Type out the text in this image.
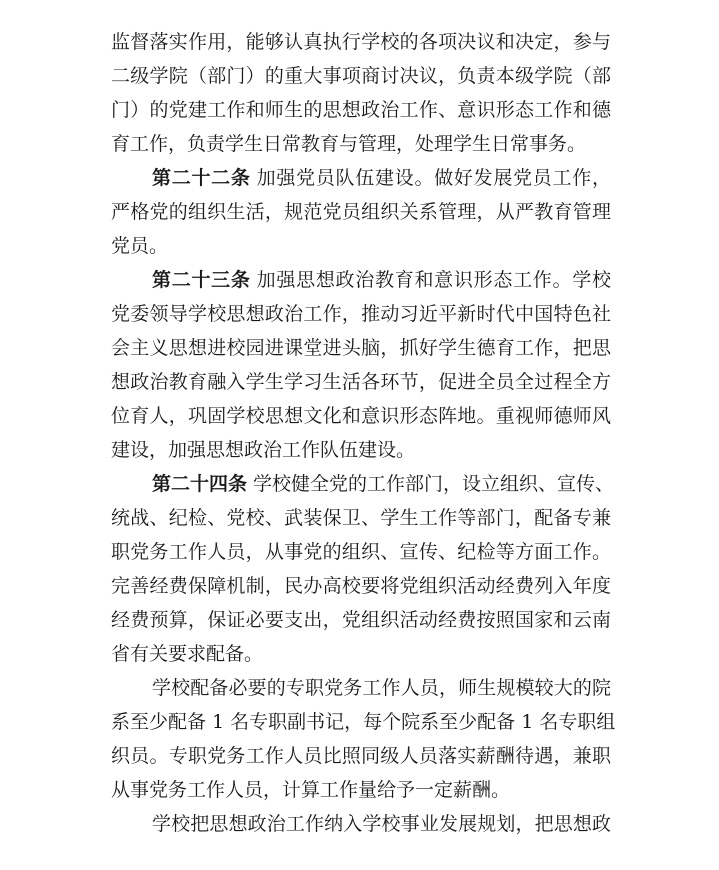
监督落实作用，能够认真执行学校的各项决议和决定，参与
二级学院（部门）的重大事项商讨决议，负责本级学院（部
门）的党建工作和师生的思想政治工作、意识形态工作和德
育工作，负责学生日常教育与管理，处理学生日常事务。
第二十二条 加强党员队伍建设。做好发展党员工作，
严格党的组织生活，规范党员组织关系管理，从严教育管理
党员。
第二十三条 加强思想政治教育和意识形态工作。学校
党委领导学校思想政治工作，推动习近平新时代中国特色社
会主义思想进校园进课堂进头脑，抓好学生德育工作，把思
想政治教育融入学生学习生活各环节，促进全员全过程全方
位育人，巩固学校思想文化和意识形态阵地。重视师德师风
建设，加强思想政治工作队伍建设。
第二十四条 学校健全党的工作部门，设立组织、宣传、
统战、纪检、党校、武装保卫、学生工作等部门，配备专兼
职党务工作人员，从事党的组织、宣传、纪检等方面工作。
完善经费保障机制，民办高校要将党组织活动经费列入年度
经费预算，保证必要支出，党组织活动经费按照国家和云南
省有关要求配备。
学校配备必要的专职党务工作人员，师生规模较大的院
系至少配备 1 名专职副书记，每个院系至少配备 1 名专职组
织员。专职党务工作人员比照同级人员落实薪酬待遇，兼职
从事党务工作人员，计算工作量给予一定薪酬。
学校把思想政治工作纳入学校事业发展规划，把思想政
